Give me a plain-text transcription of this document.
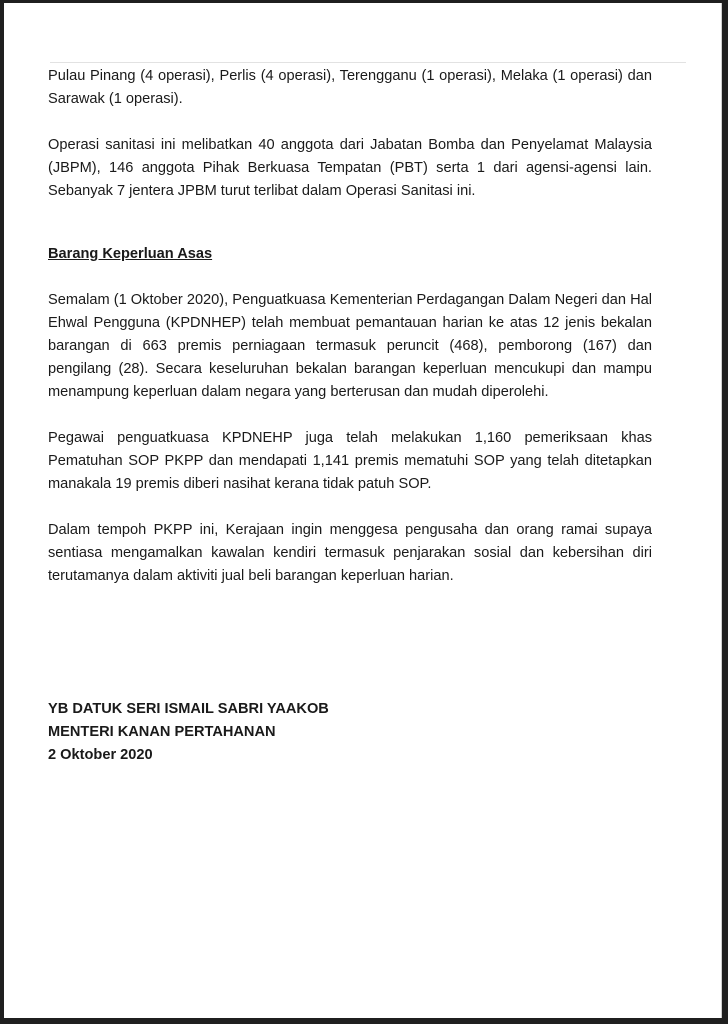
Pulau Pinang (4 operasi), Perlis (4 operasi), Terengganu (1 operasi), Melaka (1 operasi) dan Sarawak (1 operasi).

Operasi sanitasi ini melibatkan 40 anggota dari Jabatan Bomba dan Penyelamat Malaysia (JBPM), 146 anggota Pihak Berkuasa Tempatan (PBT) serta 1 dari agensi-agensi lain. Sebanyak 7 jentera JPBM turut terlibat dalam Operasi Sanitasi ini.

Barang Keperluan Asas

Semalam (1 Oktober 2020), Penguatkuasa Kementerian Perdagangan Dalam Negeri dan Hal Ehwal Pengguna (KPDNHEP) telah membuat pemantauan harian ke atas 12 jenis bekalan barangan di 663 premis perniagaan termasuk peruncit (468), pemborong (167) dan pengilang (28). Secara keseluruhan bekalan barangan keperluan mencukupi dan mampu menampung keperluan dalam negara yang berterusan dan mudah diperolehi.

Pegawai penguatkuasa KPDNEHP juga telah melakukan 1,160 pemeriksaan khas Pematuhan SOP PKPP dan mendapati 1,141 premis mematuhi SOP yang telah ditetapkan manakala 19 premis diberi nasihat kerana tidak patuh SOP.

Dalam tempoh PKPP ini, Kerajaan ingin menggesa pengusaha dan orang ramai supaya sentiasa mengamalkan kawalan kendiri termasuk penjarakan sosial dan kebersihan diri terutamanya dalam aktiviti jual beli barangan keperluan harian.

YB DATUK SERI ISMAIL SABRI YAAKOB

MENTERI KANAN PERTAHANAN

2 Oktober 2020
